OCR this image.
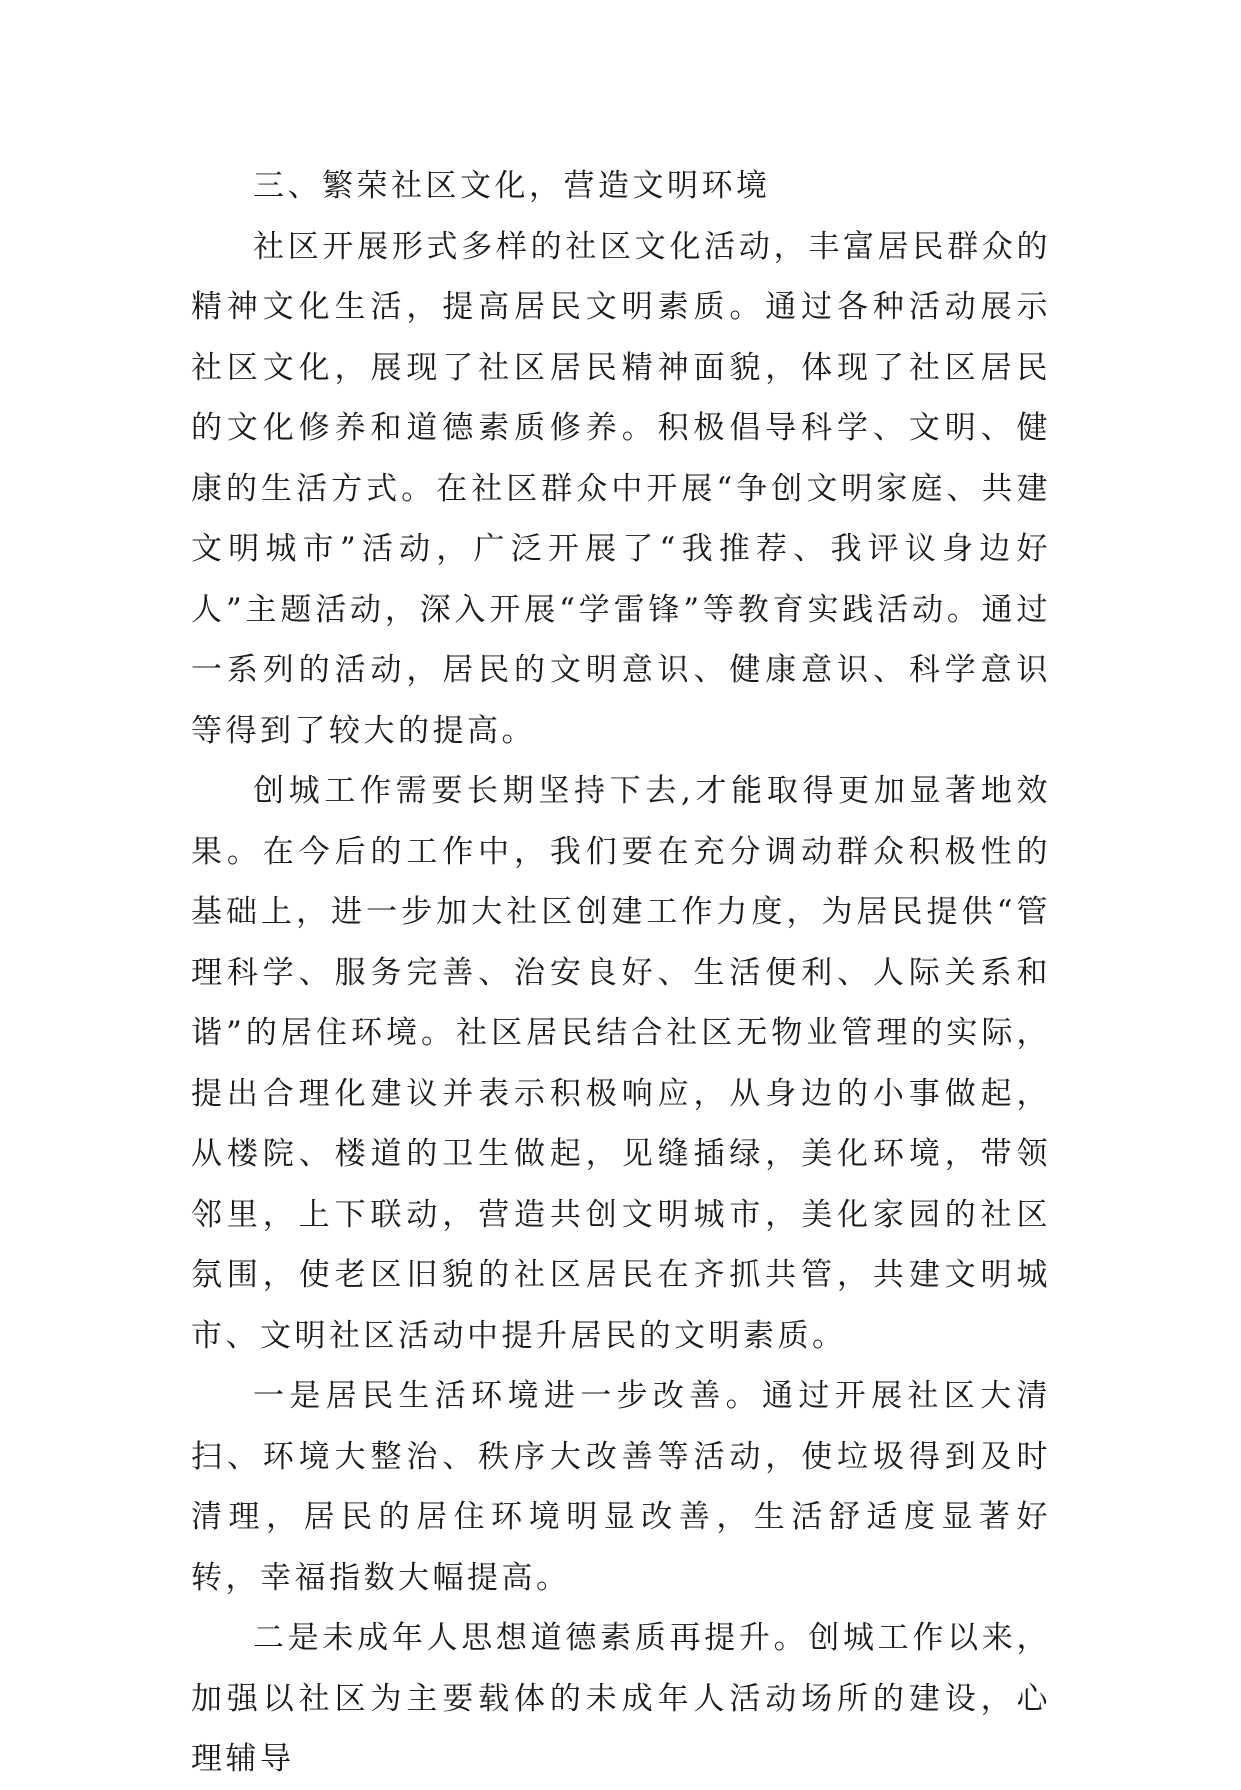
三、繁荣社区文化，营造文明环境

社区开展形式多样的社区文化活动，丰富居民群众的精神文化生活，提高居民文明素质。通过各种活动展示社区文化，展现了社区居民精神面貌，体现了社区居民的文化修养和道德素质修养。积极倡导科学、文明、健康的生活方式。在社区群众中开展“争创文明家庭、共建文明城市”活动，广泛开展了“我推荐、我评议身边好人”主题活动，深入开展“学雷锋”等教育实践活动。通过一系列的活动，居民的文明意识、健康意识、科学意识等得到了较大的提高。

创城工作需要长期坚持下去,才能取得更加显著地效果。在今后的工作中，我们要在充分调动群众积极性的基础上，进一步加大社区创建工作力度，为居民提供“管理科学、服务完善、治安良好、生活便利、人际关系和谐”的居住环境。社区居民结合社区无物业管理的实际，提出合理化建议并表示积极响应，从身边的小事做起，从楼院、楼道的卫生做起，见缝插绿，美化环境，带领邻里，上下联动，营造共创文明城市，美化家园的社区氛围，使老区旧貌的社区居民在齐抓共管，共建文明城市、文明社区活动中提升居民的文明素质。

一是居民生活环境进一步改善。通过开展社区大清扫、环境大整治、秩序大改善等活动，使垃圾得到及时清理，居民的居住环境明显改善，生活舒适度显著好转，幸福指数大幅提高。

二是未成年人思想道德素质再提升。创城工作以来，加强以社区为主要载体的未成年人活动场所的建设，心理辅导
